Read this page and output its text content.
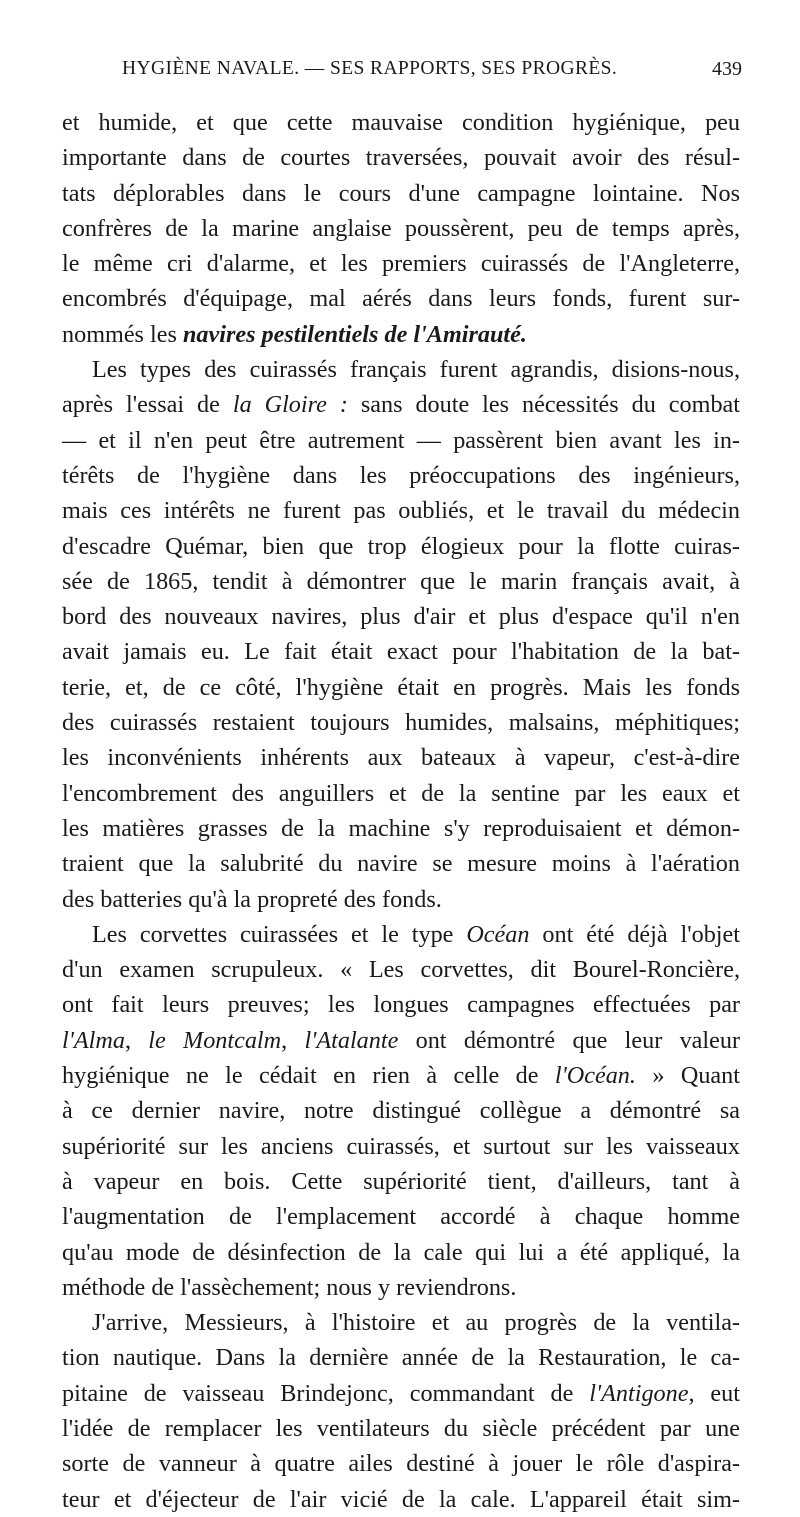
HYGIÈNE NAVALE. — SES RAPPORTS, SES PROGRÈS.	439
et humide, et que cette mauvaise condition hygiénique, peu
importante dans de courtes traversées, pouvait avoir des résul-
tats déplorables dans le cours d'une campagne lointaine. Nos
confrères de la marine anglaise poussèrent, peu de temps après,
le même cri d'alarme, et les premiers cuirassés de l'Angleterre,
encombrés d'équipage, mal aérés dans leurs fonds, furent sur-
nommés les navires pestilentiels de l'Amirauté.
Les types des cuirassés français furent agrandis, disions-nous,
après l'essai de la Gloire : sans doute les nécessités du combat
— et il n'en peut être autrement — passèrent bien avant les in-
térêts de l'hygiène dans les préoccupations des ingénieurs,
mais ces intérêts ne furent pas oubliés, et le travail du médecin
d'escadre Quémar, bien que trop élogieux pour la flotte cuiras-
sée de 1865, tendit à démontrer que le marin français avait, à
bord des nouveaux navires, plus d'air et plus d'espace qu'il n'en
avait jamais eu. Le fait était exact pour l'habitation de la bat-
terie, et, de ce côté, l'hygiène était en progrès. Mais les fonds
des cuirassés restaient toujours humides, malsains, méphitiques;
les inconvénients inhérents aux bateaux à vapeur, c'est-à-dire
l'encombrement des anguillers et de la sentine par les eaux et
les matières grasses de la machine s'y reproduisaient et démon-
traient que la salubrité du navire se mesure moins à l'aération
des batteries qu'à la propreté des fonds.
Les corvettes cuirassées et le type Océan ont été déjà l'objet
d'un examen scrupuleux. « Les corvettes, dit Bourel-Roncière,
ont fait leurs preuves; les longues campagnes effectuées par
l'Alma, le Montcalm, l'Atalante ont démontré que leur valeur
hygiénique ne le cédait en rien à celle de l'Océan. » Quant
à ce dernier navire, notre distingué collègue a démontré sa
supériorité sur les anciens cuirassés, et surtout sur les vaisseaux
à vapeur en bois. Cette supériorité tient, d'ailleurs, tant à
l'augmentation de l'emplacement accordé à chaque homme
qu'au mode de désinfection de la cale qui lui a été appliqué, la
méthode de l'assèchement; nous y reviendrons.
J'arrive, Messieurs, à l'histoire et au progrès de la ventila-
tion nautique. Dans la dernière année de la Restauration, le ca-
pitaine de vaisseau Brindejonc, commandant de l'Antigone, eut
l'idée de remplacer les ventilateurs du siècle précédent par une
sorte de vanneur à quatre ailes destiné à jouer le rôle d'aspira-
teur et d'éjecteur de l'air vicié de la cale. L'appareil était sim-
